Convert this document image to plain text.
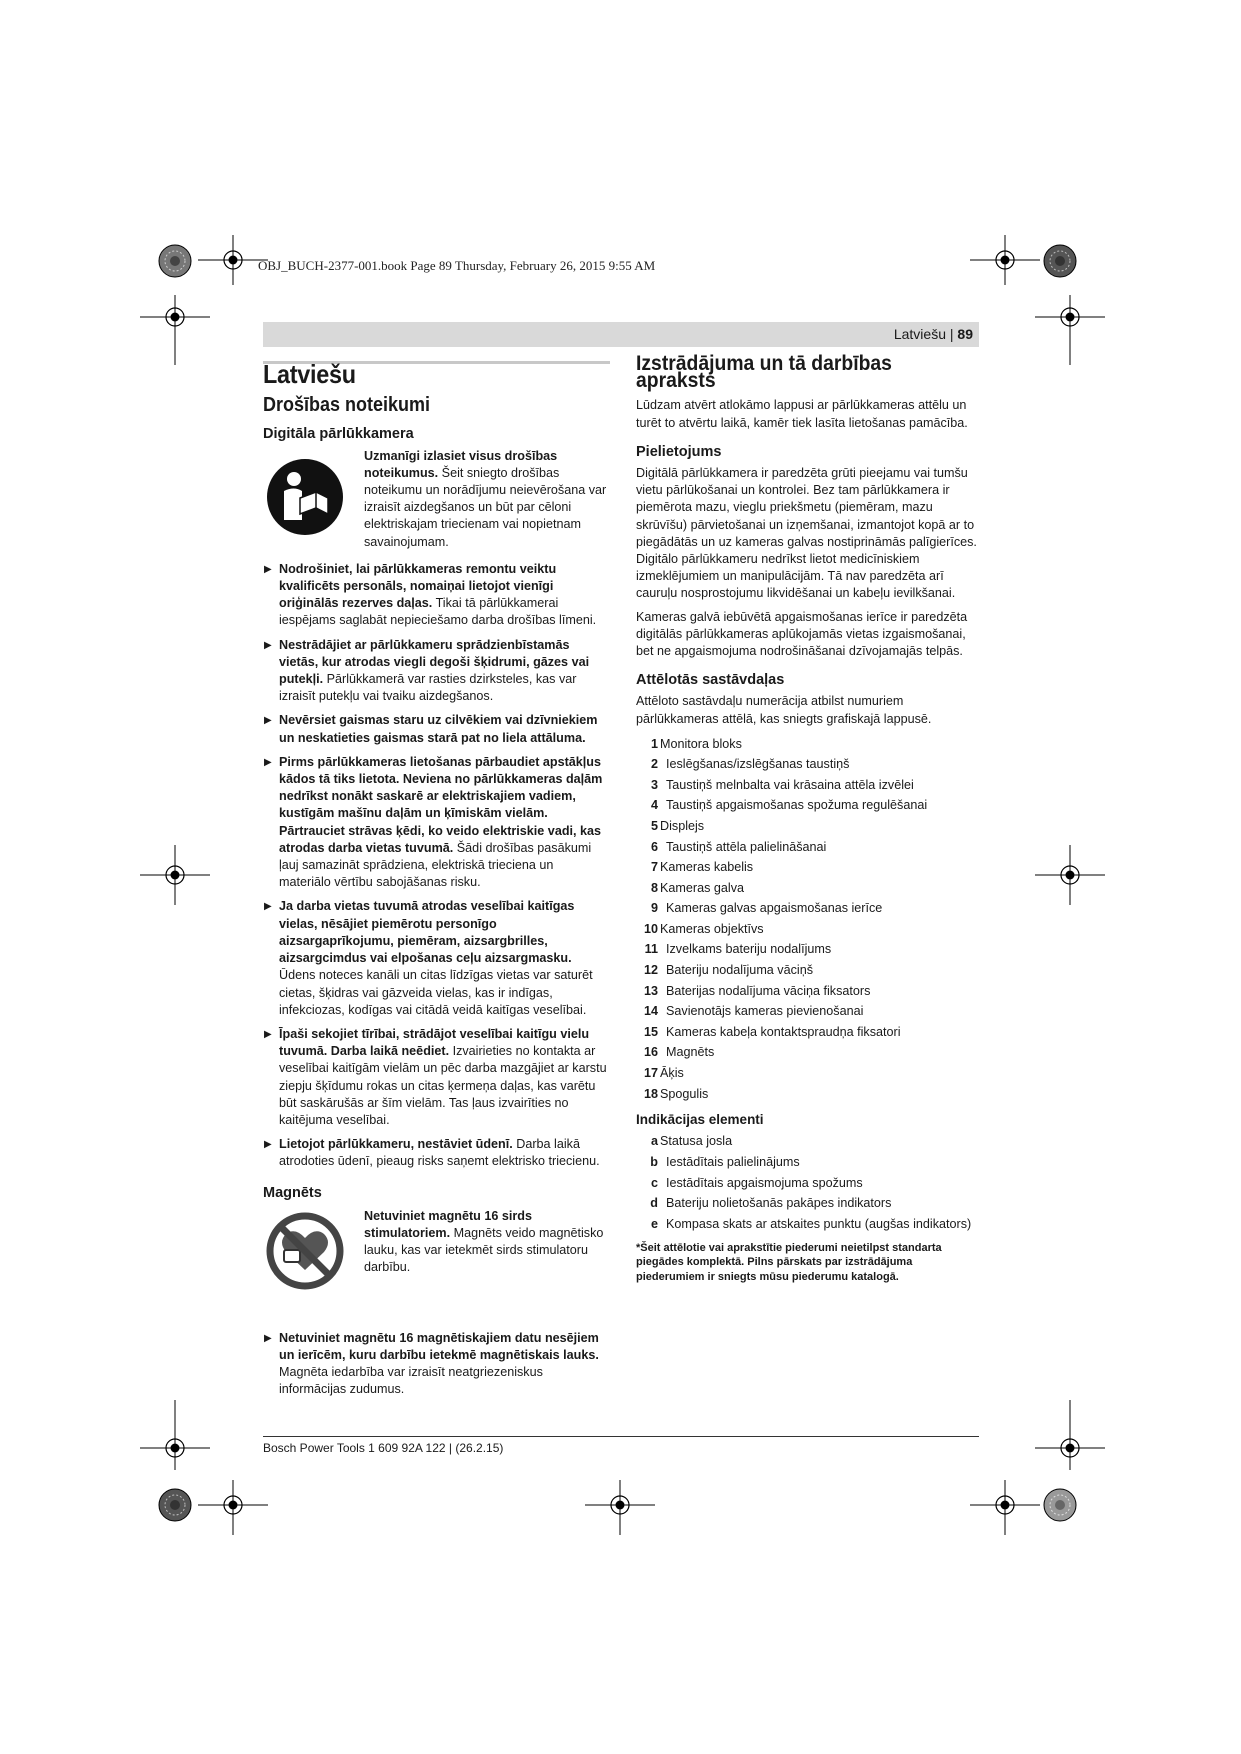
OBJ_BUCH-2377-001.book Page 89 Thursday, February 26, 2015 9:55 AM
Latviešu | 89
Latviešu
Drošības noteikumi
Digitāla pārlūkkamera
Uzmanīgi izlasiet visus drošības noteikumus. Šeit sniegto drošības noteikumu un norādījumu neievērošana var izraisīt aizdegšanos un būt par cēloni elektriskajam triecienam vai nopietnam savainojumam.
▶ Nodrošiniet, lai pārlūkkameras remontu veiktu kvalificēts personāls, nomaiņai lietojot vienīgi oriģinālās rezerves daļas. Tikai tā pārlūkkamerai iespējams saglabāt nepieciešamo darba drošības līmeni.
▶ Nestrādājiet ar pārlūkkameru sprādzienbīstamās vietās, kur atrodas viegli degoši šķidrumi, gāzes vai putekļi. Pārlūkkamerā var rasties dzirksteles, kas var izraisīt putekļu vai tvaiku aizdegšanos.
▶ Nevērsiet gaismas staru uz cilvēkiem vai dzīvniekiem un neskatieties gaismas starā pat no liela attāluma.
▶ Pirms pārlūkkameras lietošanas pārbaudiet apstākļus kādos tā tiks lietota. Neviena no pārlūkkameras daļām nedrīkst nonākt saskarē ar elektriskajiem vadiem, kustīgām mašīnu daļām un ķīmiskām vielām. Pārtrauciet strāvas ķēdi, ko veido elektriskie vadi, kas atrodas darba vietas tuvumā. Šādi drošības pasākumi ļauj samazināt sprādziena, elektriskā trieciena un materiālo vērtību sabojāšanas risku.
▶ Ja darba vietas tuvumā atrodas veselībai kaitīgas vielas, nēsājiet piemērotu personīgo aizsargaprīkojumu, piemēram, aizsargbrilles, aizsargcimdus vai elpošanas ceļu aizsargmasku. Ūdens noteces kanāli un citas līdzīgas vietas var saturēt cietas, šķidras vai gāzveida vielas, kas ir indīgas, infekciozas, kodīgas vai citādā veidā kaitīgas veselībai.
▶ Īpaši sekojiet tīrībai, strādājot veselībai kaitīgu vielu tuvumā. Darba laikā neēdiet. Izvairieties no kontakta ar veselībai kaitīgām vielām un pēc darba mazgājiet ar karstu ziepju šķīdumu rokas un citas ķermeņa daļas, kas varētu būt saskārušās ar šīm vielām. Tas ļaus izvairīties no kaitējuma veselībai.
▶ Lietojot pārlūkkameru, nestāviet ūdenī. Darba laikā atrodoties ūdenī, pieaug risks saņemt elektrisko triecienu.
Magnēts
Netuviniet magnētu 16 sirds stimulatoriem. Magnēts veido magnētisko lauku, kas var ietekmēt sirds stimulatoru darbību.
▶ Netuviniet magnētu 16 magnētiskajiem datu nesējiem un ierīcēm, kuru darbību ietekmē magnētiskais lauks. Magnēta iedarbība var izraisīt neatgriezeniskus informācijas zudumus.
Izstrādājuma un tā darbības apraksts

Lūdzam atvērt atlokāmo lappusi ar pārlūkkameras attēlu un turēt to atvērtu laikā, kamēr tiek lasīta lietošanas pamācība.

Pielietojums

Digitālā pārlūkkamera ir paredzēta grūti pieejamu vai tumšu vietu pārlūkošanai un kontrolei. Bez tam pārlūkkamera ir piemērota mazu, vieglu priekšmetu (piemēram, mazu skrūvīšu) pārvietošanai un izņemšanai, izmantojot kopā ar to piegādātās un uz kameras galvas nostiprināmās palīgierīces.

Digitālo pārlūkkameru nedrīkst lietot medicīniskiem izmeklējumiem un manipulācijām. Tā nav paredzēta arī cauruļu nosprostojumu likvidēšanai un kabeļu ievilkšanai.

Kameras galvā iebūvētā apgaismošanas ierīce ir paredzēta digitālās pārlūkkameras aplūkojamās vietas izgaismošanai, bet ne apgaismojuma nodrošināšanai dzīvojamajās telpās.

Attēlotās sastāvdaļas

Attēloto sastāvdaļu numerācija atbilst numuriem pārlūkkameras attēlā, kas sniegts grafiskajā lappusē.

1 Monitora bloks
2 Ieslēgšanas/izslēgšanas taustiņš
3 Taustiņš melnbalta vai krāsaina attēla izvēlei
4 Taustiņš apgaismošanas spožuma regulēšanai
5 Displejs
6 Taustiņš attēla palielināšanai
7 Kameras kabelis
8 Kameras galva
9 Kameras galvas apgaismošanas ierīce
10 Kameras objektīvs
11 Izvelkams bateriju nodalījums
12 Bateriju nodalījuma vāciņš
13 Baterijas nodalījuma vāciņa fiksators
14 Savienotājs kameras pievienošanai
15 Kameras kabeļa kontaktspraudņa fiksatori
16 Magnēts
17 Āķis
18 Spogulis
Indikācijas elementi
a Statusa josla
b Iestādītais palielinājums
c Iestādītais apgaismojuma spožums
d Bateriju nolietošanās pakāpes indikators
e Kompasa skats ar atskaites punktu (augšas indikators)
*Šeit attēlotie vai aprakstītie piederumi neietilpst standarta piegādes komplektā. Pilns pārskats par izstrādājuma piederumiem ir sniegts mūsu piederumu katalogā.
Bosch Power Tools 1 609 92A 122 | (26.2.15)
